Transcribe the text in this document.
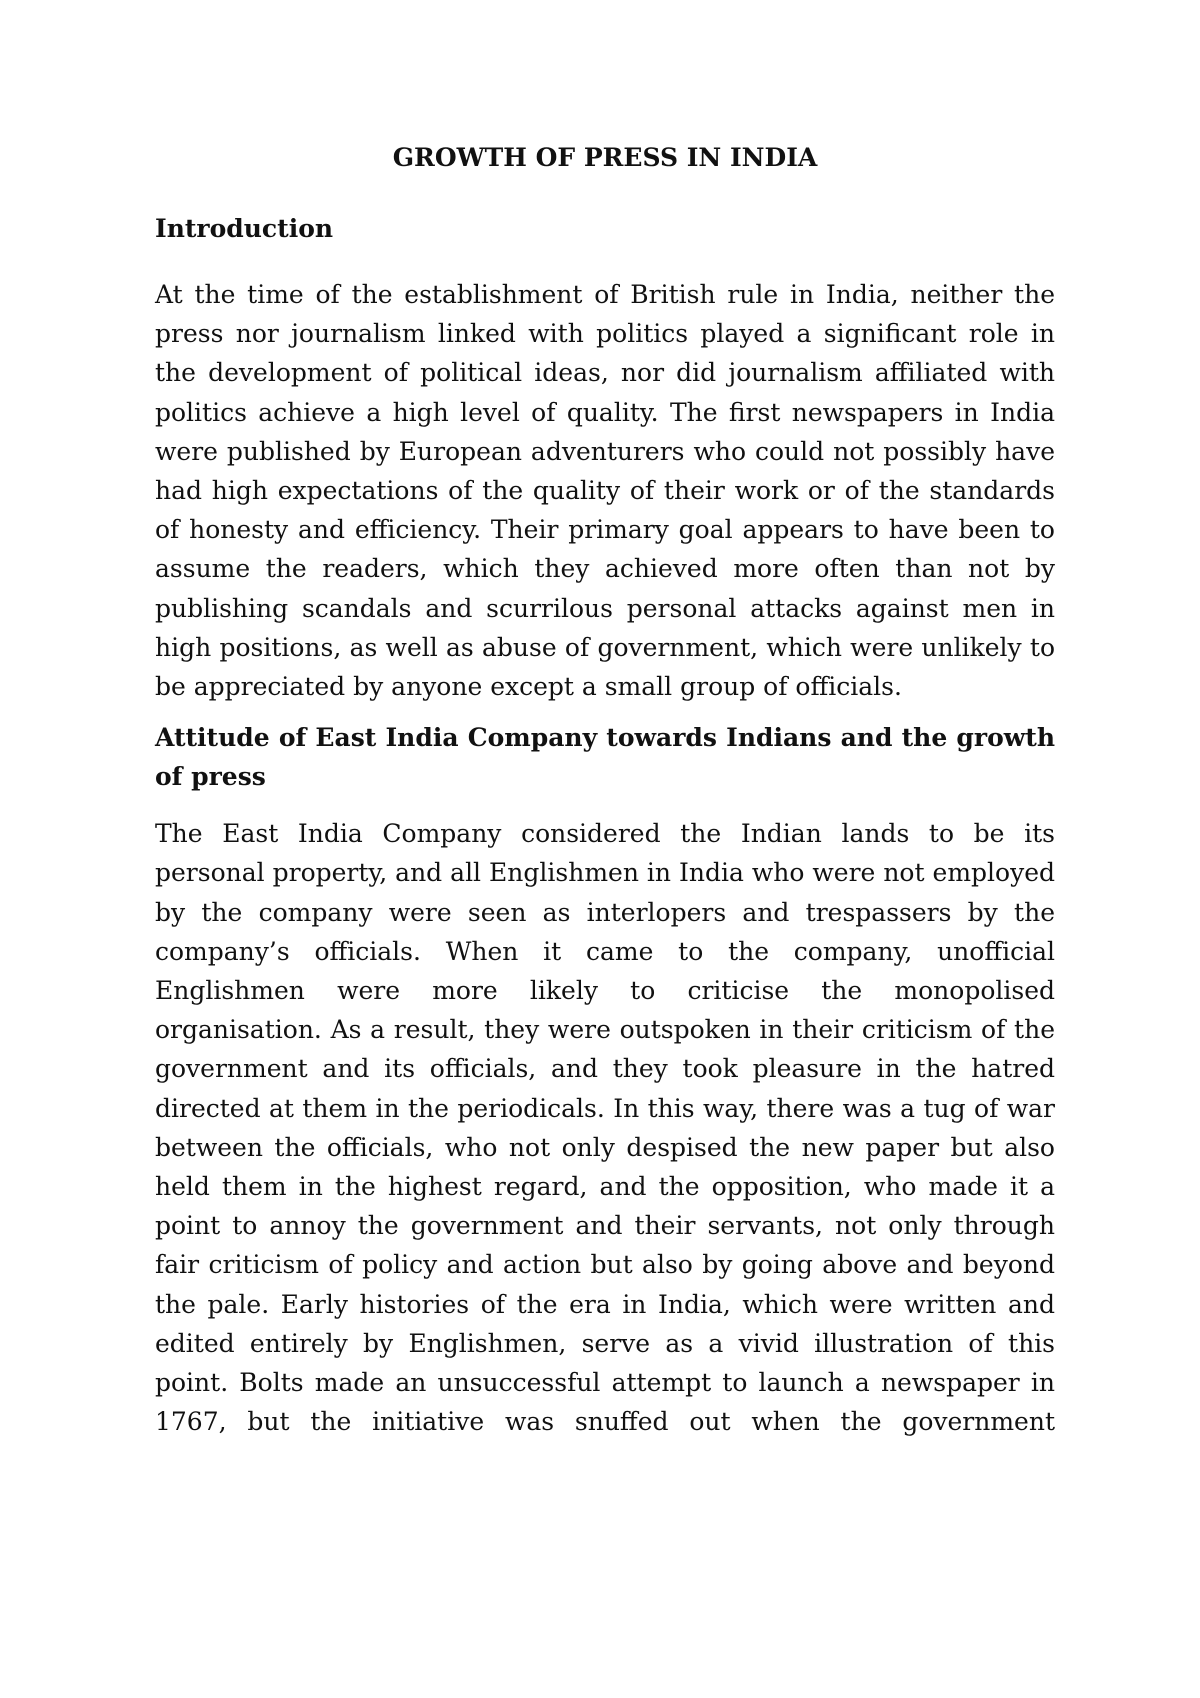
GROWTH OF PRESS IN INDIA
Introduction

At the time of the establishment of British rule in India, neither the press nor journalism linked with politics played a significant role in the development of political ideas, nor did journalism affiliated with politics achieve a high level of quality. The first newspapers in India were published by European adventurers who could not possibly have had high expectations of the quality of their work or of the standards of honesty and efficiency. Their primary goal appears to have been to assume the readers, which they achieved more often than not by publishing scandals and scurrilous personal attacks against men in high positions, as well as abuse of government, which were unlikely to be appreciated by anyone except a small group of officials.

Attitude of East India Company towards Indians and the growth of press

The East India Company considered the Indian lands to be its personal property, and all Englishmen in India who were not employed by the company were seen as interlopers and trespassers by the company’s officials. When it came to the company, unofficial Englishmen were more likely to criticise the monopolised organisation. As a result, they were outspoken in their criticism of the government and its officials, and they took pleasure in the hatred directed at them in the periodicals. In this way, there was a tug of war between the officials, who not only despised the new paper but also held them in the highest regard, and the opposition, who made it a point to annoy the government and their servants, not only through fair criticism of policy and action but also by going above and beyond the pale. Early histories of the era in India, which were written and edited entirely by Englishmen, serve as a vivid illustration of this point. Bolts made an unsuccessful attempt to launch a newspaper in 1767, but the initiative was snuffed out when the government
